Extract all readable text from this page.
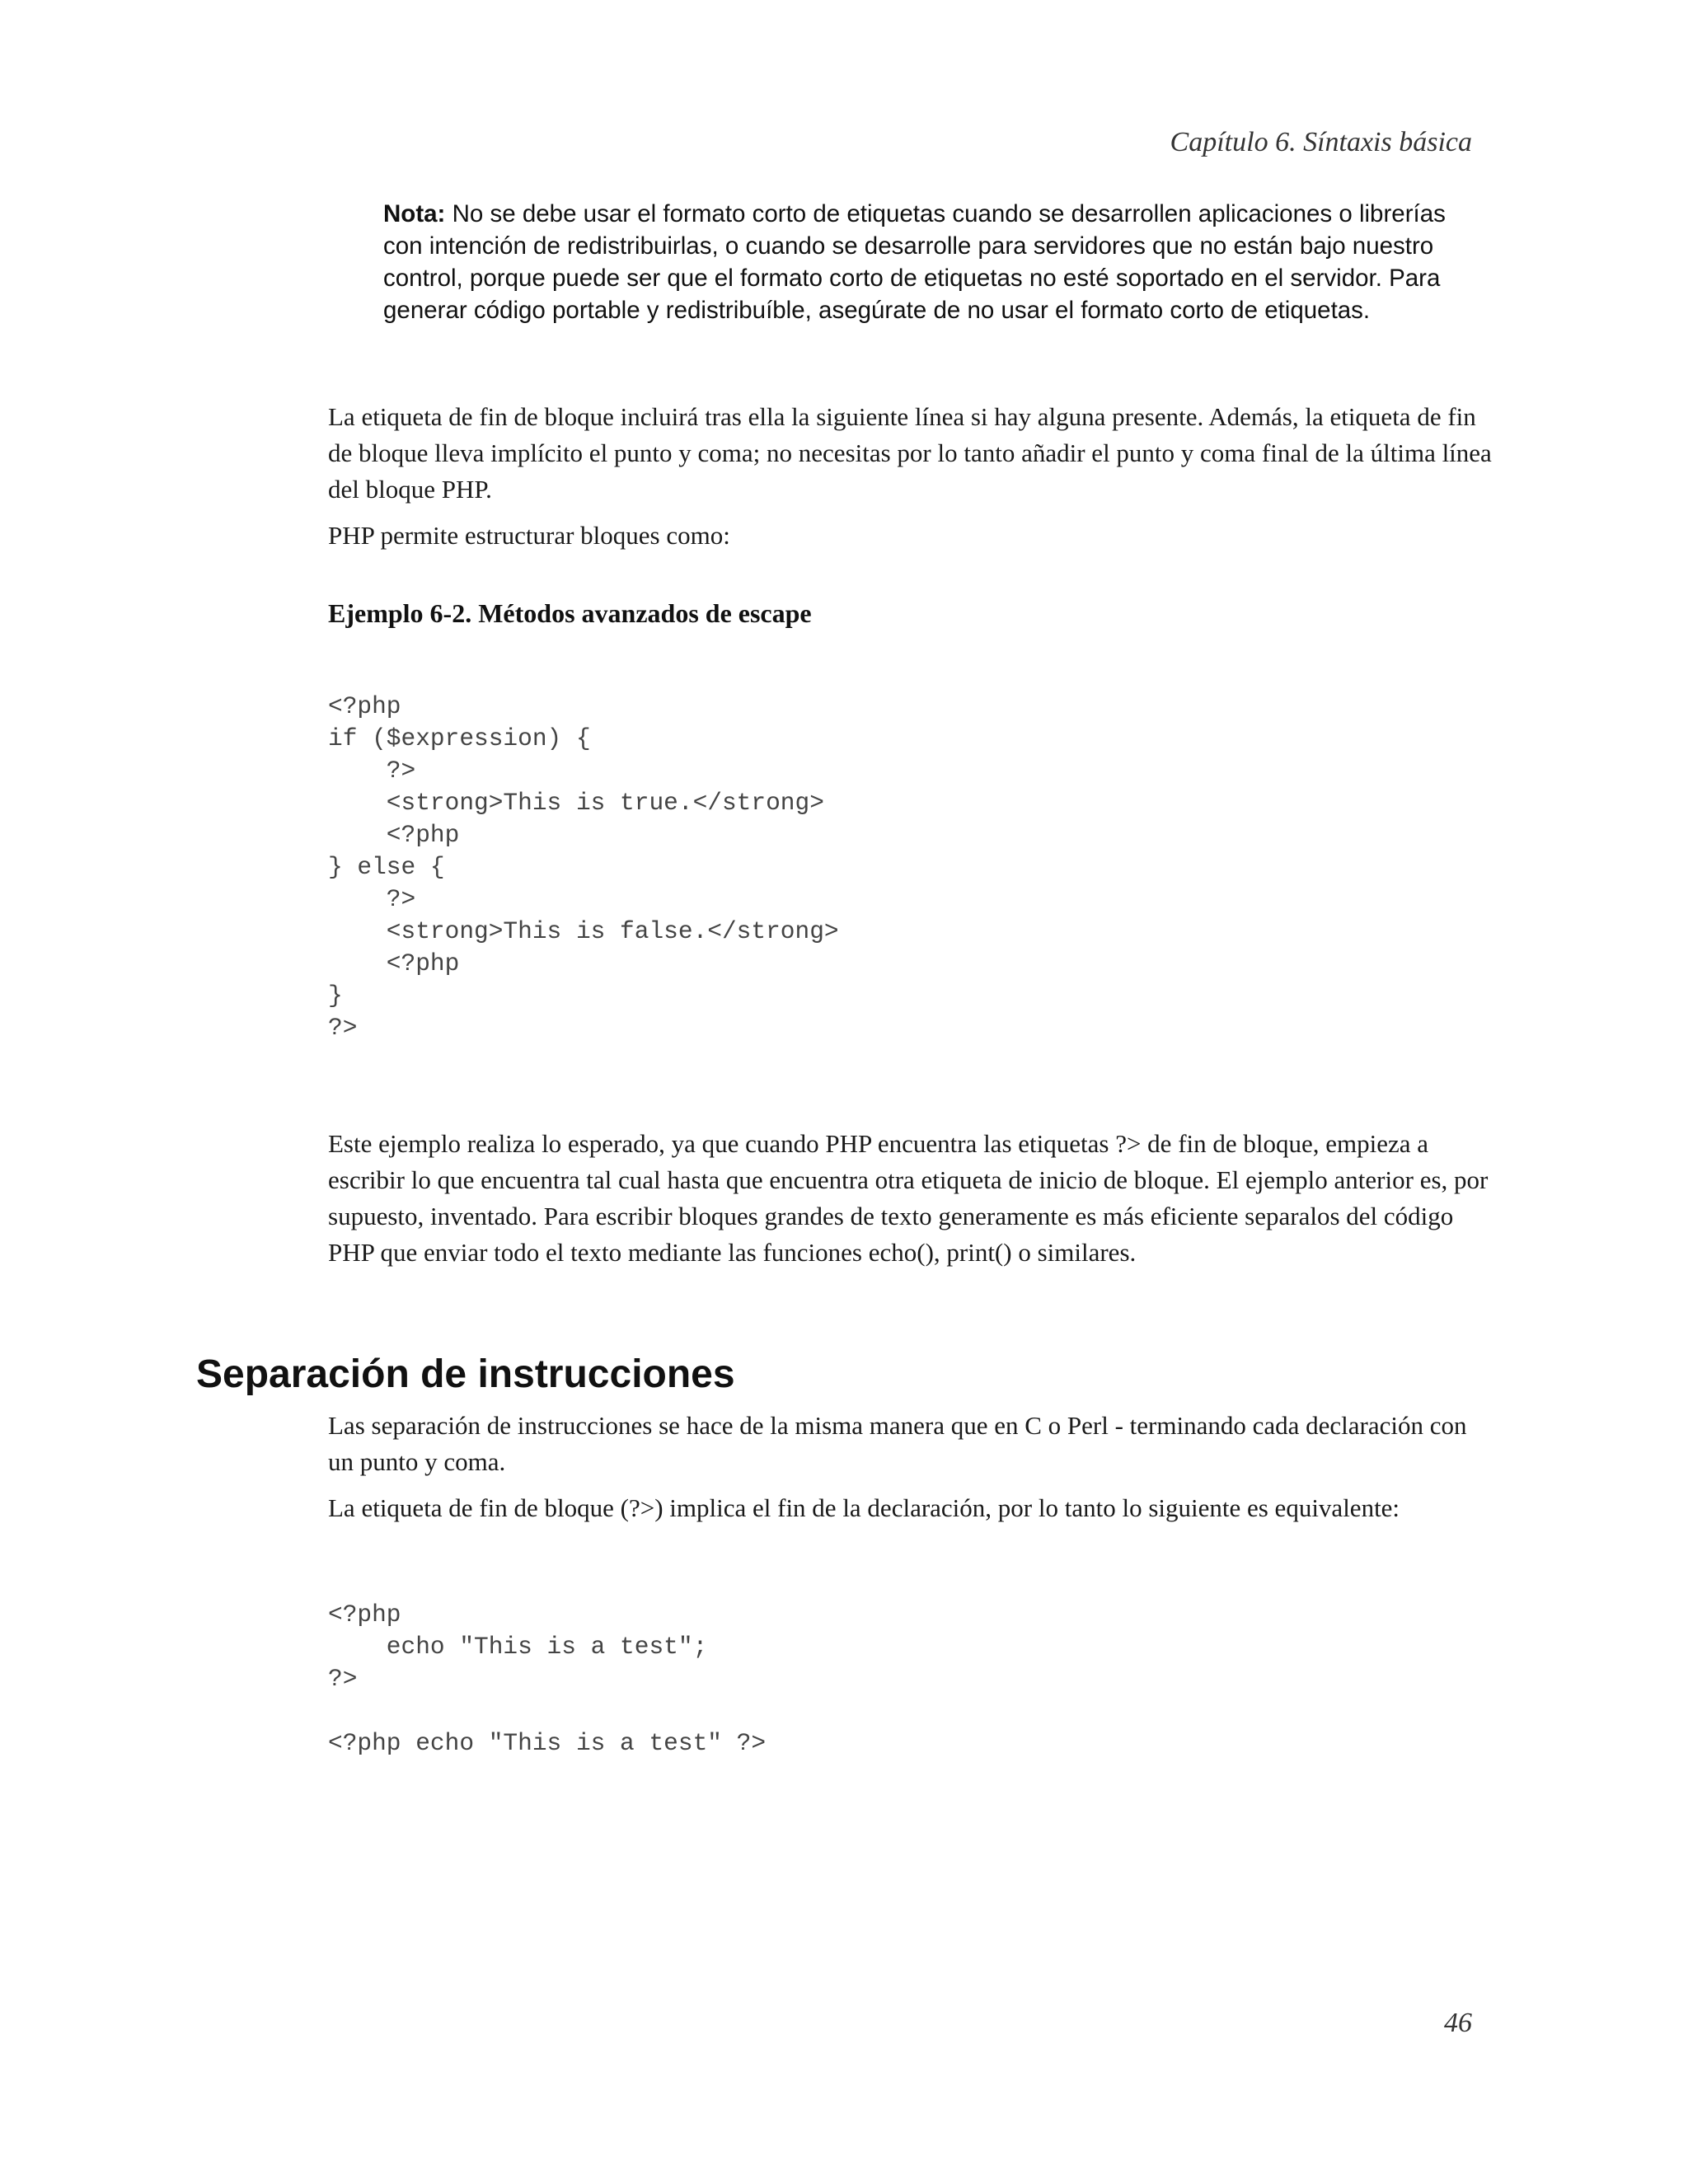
Capítulo 6. Síntaxis básica
Nota: No se debe usar el formato corto de etiquetas cuando se desarrollen aplicaciones o librerías con intención de redistribuirlas, o cuando se desarrolle para servidores que no están bajo nuestro control, porque puede ser que el formato corto de etiquetas no esté soportado en el servidor. Para generar código portable y redistribuíble, asegúrate de no usar el formato corto de etiquetas.

La etiqueta de fin de bloque incluirá tras ella la siguiente línea si hay alguna presente. Además, la etiqueta de fin de bloque lleva implícito el punto y coma; no necesitas por lo tanto añadir el punto y coma final de la última línea del bloque PHP.

PHP permite estructurar bloques como:

Ejemplo 6-2. Métodos avanzados de escape
<?php
if ($expression) {
?>
<strong>This is true.</strong>
<?php
} else {
?>
<strong>This is false.</strong>
<?php
}
?>

Este ejemplo realiza lo esperado, ya que cuando PHP encuentra las etiquetas ?> de fin de bloque, empieza a escribir lo que encuentra tal cual hasta que encuentra otra etiqueta de inicio de bloque. El ejemplo anterior es, por supuesto, inventado. Para escribir bloques grandes de texto generamente es más eficiente separalos del código PHP que enviar todo el texto mediante las funciones echo(), print() o similares.

Separación de instrucciones

Las separación de instrucciones se hace de la misma manera que en C o Perl - terminando cada declaración con un punto y coma.

La etiqueta de fin de bloque (?>) implica el fin de la declaración, por lo tanto lo siguiente es equivalente:

<?php
echo "This is a test";
?>

<?php echo "This is a test" ?>
46
